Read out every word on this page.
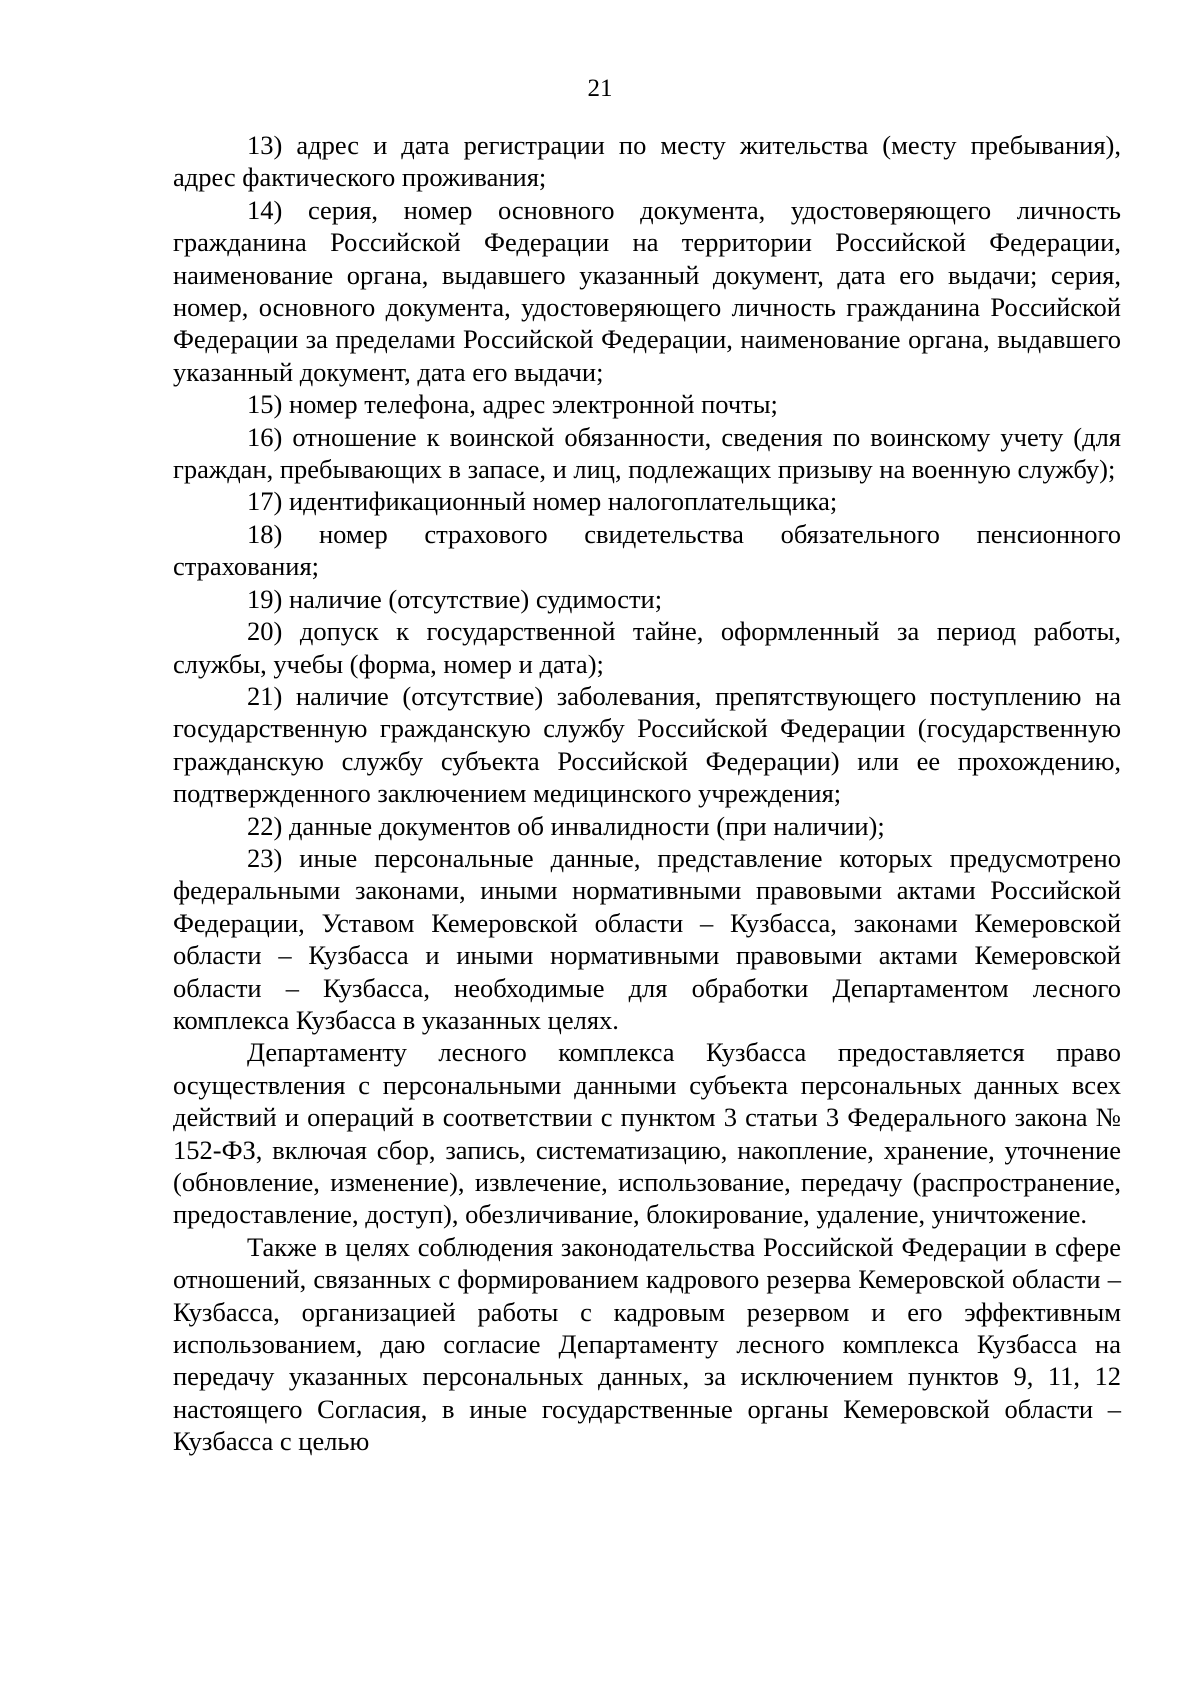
21

13) адрес и дата регистрации по месту жительства (месту пребывания), адрес фактического проживания;

14) серия, номер основного документа, удостоверяющего личность гражданина Российской Федерации на территории Российской Федерации, наименование органа, выдавшего указанный документ, дата его выдачи; серия, номер, основного документа, удостоверяющего личность гражданина Российской Федерации за пределами Российской Федерации, наименование органа, выдавшего указанный документ, дата его выдачи;

15) номер телефона, адрес электронной почты;

16) отношение к воинской обязанности, сведения по воинскому учету (для граждан, пребывающих в запасе, и лиц, подлежащих призыву на военную службу);

17) идентификационный номер налогоплательщика;

18) номер страхового свидетельства обязательного пенсионного страхования;

19) наличие (отсутствие) судимости;

20) допуск к государственной тайне, оформленный за период работы, службы, учебы (форма, номер и дата);

21) наличие (отсутствие) заболевания, препятствующего поступлению на государственную гражданскую службу Российской Федерации (государственную гражданскую службу субъекта Российской Федерации) или ее прохождению, подтвержденного заключением медицинского учреждения;

22) данные документов об инвалидности (при наличии);

23) иные персональные данные, представление которых предусмотрено федеральными законами, иными нормативными правовыми актами Российской Федерации, Уставом Кемеровской области – Кузбасса, законами Кемеровской области – Кузбасса и иными нормативными правовыми актами Кемеровской области – Кузбасса, необходимые для обработки Департаментом лесного комплекса Кузбасса в указанных целях.

Департаменту лесного комплекса Кузбасса предоставляется право осуществления с персональными данными субъекта персональных данных всех действий и операций в соответствии с пунктом 3 статьи 3 Федерального закона № 152-ФЗ, включая сбор, запись, систематизацию, накопление, хранение, уточнение (обновление, изменение), извлечение, использование, передачу (распространение, предоставление, доступ), обезличивание, блокирование, удаление, уничтожение.

Также в целях соблюдения законодательства Российской Федерации в сфере отношений, связанных с формированием кадрового резерва Кемеровской области – Кузбасса, организацией работы с кадровым резервом и его эффективным использованием, даю согласие Департаменту лесного комплекса Кузбасса на передачу указанных персональных данных, за исключением пунктов 9, 11, 12 настоящего Согласия, в иные государственные органы Кемеровской области – Кузбасса с целью
